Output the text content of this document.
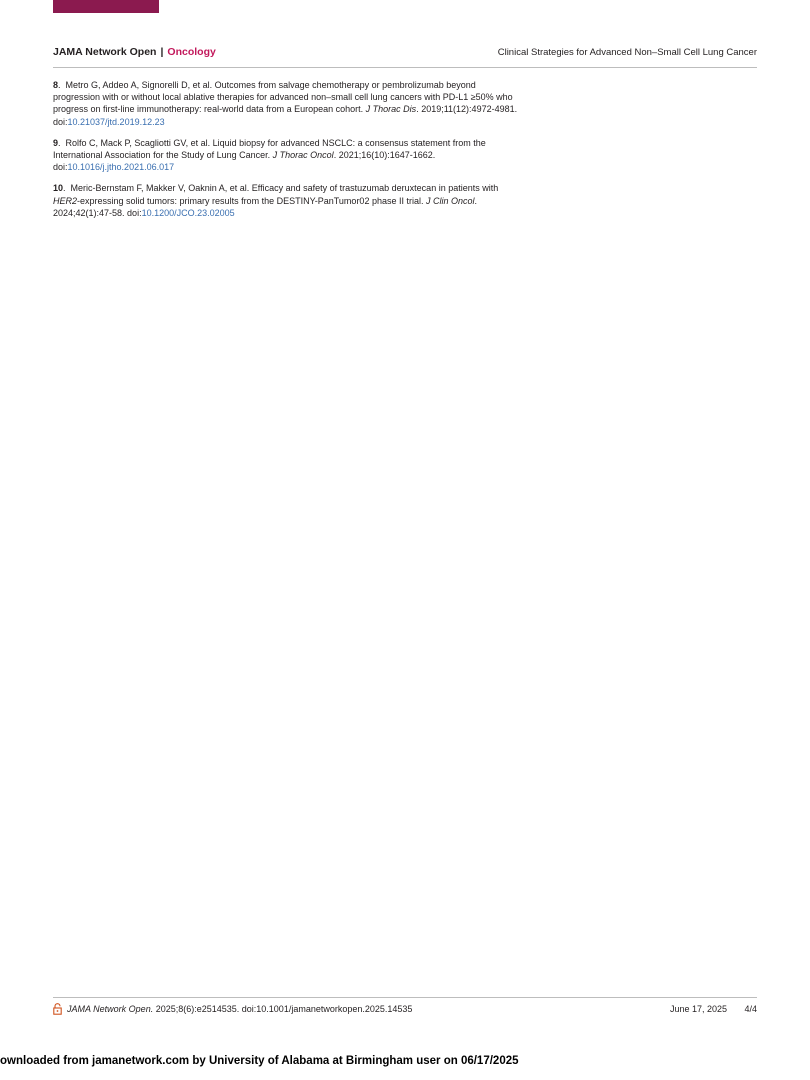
JAMA Network Open | Oncology	Clinical Strategies for Advanced Non–Small Cell Lung Cancer

8.  Metro G, Addeo A, Signorelli D, et al. Outcomes from salvage chemotherapy or pembrolizumab beyond progression with or without local ablative therapies for advanced non–small cell lung cancers with PD-L1 ≥50% who progress on first-line immunotherapy: real-world data from a European cohort. J Thorac Dis. 2019;11(12):4972-4981. doi:10.21037/jtd.2019.12.23

9.  Rolfo C, Mack P, Scagliotti GV, et al. Liquid biopsy for advanced NSCLC: a consensus statement from the International Association for the Study of Lung Cancer. J Thorac Oncol. 2021;16(10):1647-1662. doi:10.1016/j.jtho.2021.06.017

10.  Meric-Bernstam F, Makker V, Oaknin A, et al. Efficacy and safety of trastuzumab deruxtecan in patients with HER2-expressing solid tumors: primary results from the DESTINY-PanTumor02 phase II trial. J Clin Oncol. 2024;42(1):47-58. doi:10.1200/JCO.23.02005

JAMA Network Open. 2025;8(6):e2514535. doi:10.1001/jamanetworkopen.2025.14535	June 17, 2025 4/4
ownloaded from jamanetwork.com by University of Alabama at Birmingham user on 06/17/2025
